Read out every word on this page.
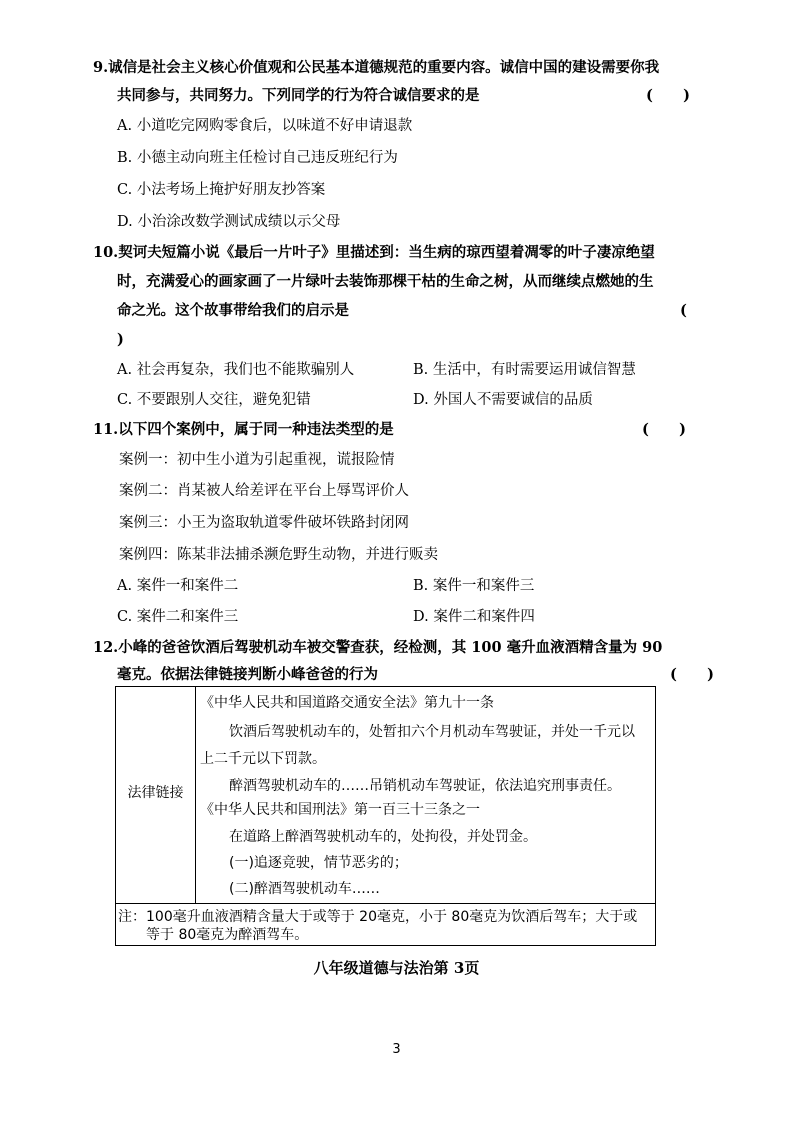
9.诚信是社会主义核心价值观和公民基本道德规范的重要内容。诚信中国的建设需要你我
共同参与，共同努力。下列同学的行为符合诚信要求的是	(      )
A. 小道吃完网购零食后，以味道不好申请退款
B. 小德主动向班主任检讨自己违反班纪行为
C. 小法考场上掩护好朋友抄答案
D. 小治涂改数学测试成绩以示父母
10.契诃夫短篇小说《最后一片叶子》里描述到：当生病的琼西望着凋零的叶子凄凉绝望
时，充满爱心的画家画了一片绿叶去装饰那棵干枯的生命之树，从而继续点燃她的生
命之光。这个故事带给我们的启示是	(
)
A. 社会再复杂，我们也不能欺骗别人	B. 生活中，有时需要运用诚信智慧
C. 不要跟别人交往，避免犯错	D. 外国人不需要诚信的品质
11.以下四个案例中，属于同一种违法类型的是	(      )
案例一：初中生小道为引起重视，谎报险情
案例二：肖某被人给差评在平台上辱骂评价人
案例三：小王为盗取轨道零件破坏铁路封闭网
案例四：陈某非法捕杀濒危野生动物，并进行贩卖
A. 案件一和案件二	B. 案件一和案件三
C. 案件二和案件三	D. 案件二和案件四
12.小峰的爸爸饮酒后驾驶机动车被交警查获，经检测，其 100 毫升血液酒精含量为 90
毫克。依据法律链接判断小峰爸爸的行为	(      )
法律链接
《中华人民共和国道路交通安全法》第九十一条
饮酒后驾驶机动车的，处暂扣六个月机动车驾驶证，并处一千元以
上二千元以下罚款。
醉酒驾驶机动车的……吊销机动车驾驶证，依法追究刑事责任。
《中华人民共和国刑法》第一百三十三条之一
在道路上醉酒驾驶机动车的，处拘役，并处罚金。
(一)追逐竞驶，情节恶劣的；
(二)醉酒驾驶机动车……
注：100毫升血液酒精含量大于或等于 20毫克，小于 80毫克为饮酒后驾车；大于或
等于 80毫克为醉酒驾车。
八年级道德与法治第 3页
3
